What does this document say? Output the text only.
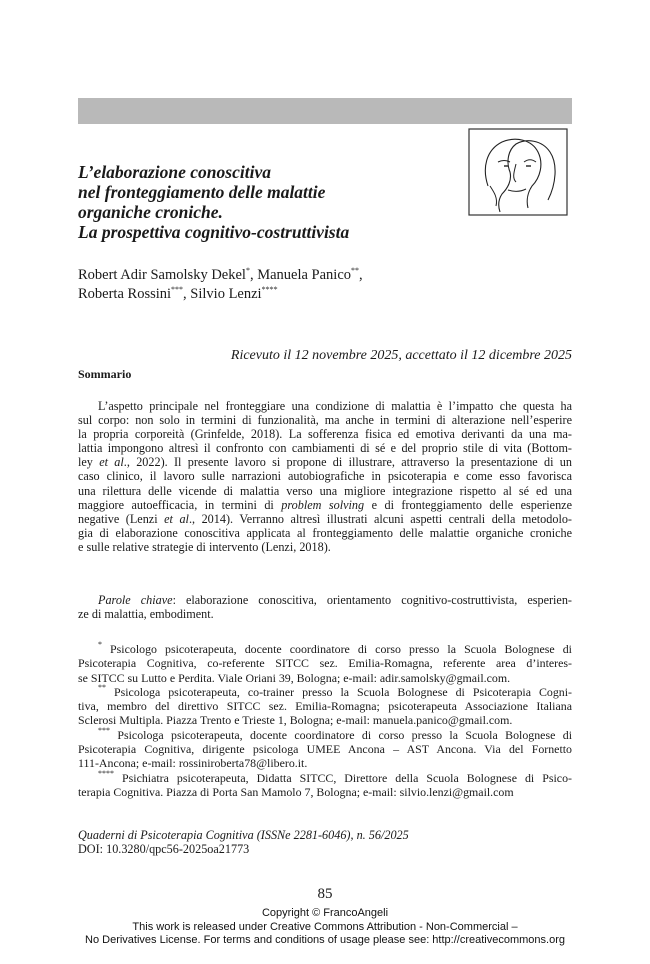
L’elaborazione conoscitiva
nel fronteggiamento delle malattie
organiche croniche.
La prospettiva cognitivo-costruttivista
Robert Adir Samolsky Dekel*, Manuela Panico**,
Roberta Rossini***, Silvio Lenzi****
Ricevuto il 12 novembre 2025, accettato il 12 dicembre 2025
Sommario
L’aspetto principale nel fronteggiare una condizione di malattia è l’impatto che questa ha
sul corpo: non solo in termini di funzionalità, ma anche in termini di alterazione nell’esperire
la propria corporeità (Grinfelde, 2018). La sofferenza fisica ed emotiva derivanti da una ma-
lattia impongono altresì il confronto con cambiamenti di sé e del proprio stile di vita (Bottom-
ley et al., 2022). Il presente lavoro si propone di illustrare, attraverso la presentazione di un
caso clinico, il lavoro sulle narrazioni autobiografiche in psicoterapia e come esso favorisca
una rilettura delle vicende di malattia verso una migliore integrazione rispetto al sé ed una
maggiore autoefficacia, in termini di problem solving e di fronteggiamento delle esperienze
negative (Lenzi et al., 2014). Verranno altresì illustrati alcuni aspetti centrali della metodolo-
gia di elaborazione conoscitiva applicata al fronteggiamento delle malattie organiche croniche
e sulle relative strategie di intervento (Lenzi, 2018).
Parole chiave: elaborazione conoscitiva, orientamento cognitivo-costruttivista, esperien-
ze di malattia, embodiment.
* Psicologo psicoterapeuta, docente coordinatore di corso presso la Scuola Bolognese di
Psicoterapia Cognitiva, co-referente SITCC sez. Emilia-Romagna, referente area d’interes-
se SITCC su Lutto e Perdita. Viale Oriani 39, Bologna; e-mail: adir.samolsky@gmail.com.
** Psicologa psicoterapeuta, co-trainer presso la Scuola Bolognese di Psicoterapia Cogni-
tiva, membro del direttivo SITCC sez. Emilia-Romagna; psicoterapeuta Associazione Italiana
Sclerosi Multipla. Piazza Trento e Trieste 1, Bologna; e-mail: manuela.panico@gmail.com.
*** Psicologa psicoterapeuta, docente coordinatore di corso presso la Scuola Bolognese di
Psicoterapia Cognitiva, dirigente psicologa UMEE Ancona – AST Ancona. Via del Fornetto
111-Ancona; e-mail: rossiniroberta78@libero.it.
**** Psichiatra psicoterapeuta, Didatta SITCC, Direttore della Scuola Bolognese di Psico-
terapia Cognitiva. Piazza di Porta San Mamolo 7, Bologna; e-mail: silvio.lenzi@gmail.com
Quaderni di Psicoterapia Cognitiva (ISSNe 2281-6046), n. 56/2025
DOI: 10.3280/qpc56-2025oa21773
85
Copyright © FrancoAngeli
This work is released under Creative Commons Attribution - Non-Commercial –
No Derivatives License. For terms and conditions of usage please see: http://creativecommons.org
